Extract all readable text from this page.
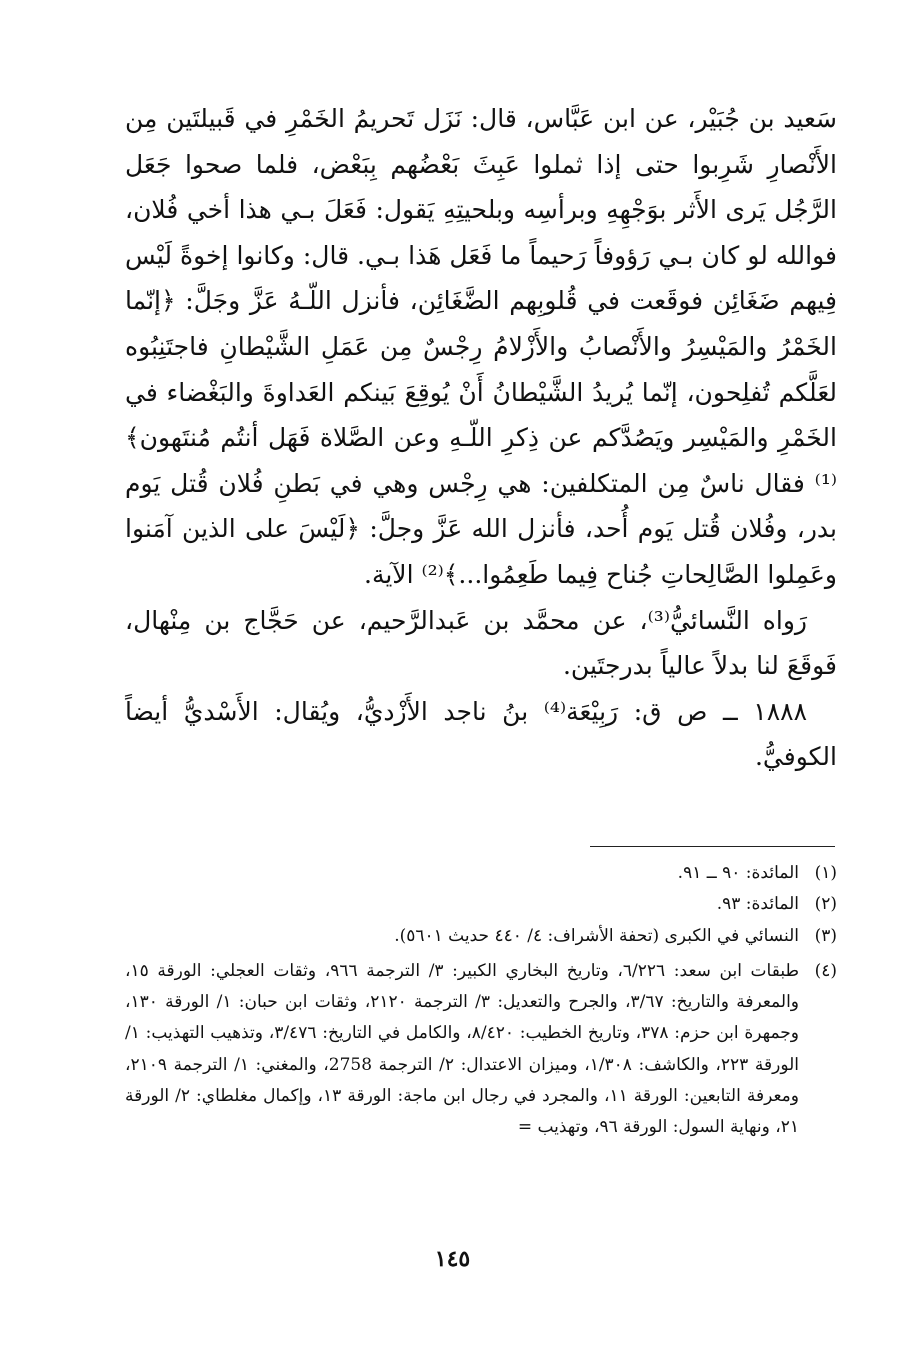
سَعيد بن جُبَيْر، عن ابن عَبَّاس، قال: نَزَل تَحريمُ الخَمْرِ في قَبيلتَين مِن الأَنْصارِ شَرِبوا حتى إذا ثملوا عَبِثَ بَعْضُهم بِبَعْض، فلما صحوا جَعَل الرَّجُل يَرى الأَثر بوَجْهِهِ وبرأسِه وبلحيتِهِ يَقول: فَعَلَ بـي هذا أخي فُلان، فوالله لو كان بـي رَؤوفاً رَحيماً ما فَعَل هَذا بـي. قال: وكانوا إخوةً لَيْس فِيهم ضَغَائِن فوقَعت في قُلوبِهم الضَّغَائِن، فأنزل اللّـهُ عَزَّ وجَلَّ: ﴿إنّما الخَمْرُ والمَيْسِرُ والأَنْصابُ والأَزْلامُ رِجْسٌ مِن عَمَلِ الشَّيْطانِ فاجتَنِبُوه لعَلَّكم تُفلِحون، إنّما يُريدُ الشَّيْطانُ أَنْ يُوقِعَ بَينكم العَداوةَ والبَغْضاء في الخَمْرِ والمَيْسِر ويَصُدَّكم عن ذِكرِ اللّـهِ وعن الصَّلاة فَهَل أنتُم مُنتَهون﴾⁽¹⁾ فقال ناسٌ مِن المتكلفين: هي رِجْس وهي في بَطنِ فُلان قُتل يَوم بدر، وفُلان قُتل يَوم أُحد، فأنزل الله عَزَّ وجلَّ: ﴿لَيْسَ على الذين آمَنوا وعَمِلوا الصَّالِحاتِ جُناح فِيما طَعِمُوا...﴾⁽²⁾ الآية.

رَواه النَّسائيُّ⁽³⁾، عن محمَّد بن عَبدالرَّحيم، عن حَجَّاج بن مِنْهال، فَوقَعَ لنا بدلاً عالياً بدرجتَين.

١٨٨٨ ــ ص ق: رَبِيْعَة⁽⁴⁾ بنُ ناجد الأَزْديُّ، ويُقال: الأَسْديُّ أيضاً الكوفيُّ.

(١)
المائدة: ٩٠ ــ ٩١.
(٢)
المائدة: ٩٣.
(٣)
النسائي في الكبرى (تحفة الأشراف: ٤/ ٤٤٠ حديث ٥٦٠١).
(٤)
طبقات ابن سعد: ٦/٢٢٦، وتاريخ البخاري الكبير: ٣/ الترجمة ٩٦٦، وثقات العجلي: الورقة ١٥، والمعرفة والتاريخ: ٣/٦٧، والجرح والتعديل: ٣/ الترجمة ٢١٢٠، وثقات ابن حبان: ١/ الورقة ١٣٠، وجمهرة ابن حزم: ٣٧٨، وتاريخ الخطيب: ٨/٤٢٠، والكامل في التاريخ: ٣/٤٧٦، وتذهيب التهذيب: ١/ الورقة ٢٢٣، والكاشف: ١/٣٠٨، وميزان الاعتدال: ٢/ الترجمة 2758، والمغني: ١/ الترجمة ٢١٠٩، ومعرفة التابعين: الورقة ١١، والمجرد في رجال ابن ماجة: الورقة ١٣، وإكمال مغلطاي: ٢/ الورقة ٢١، ونهاية السول: الورقة ٩٦، وتهذيب =
١٤٥
